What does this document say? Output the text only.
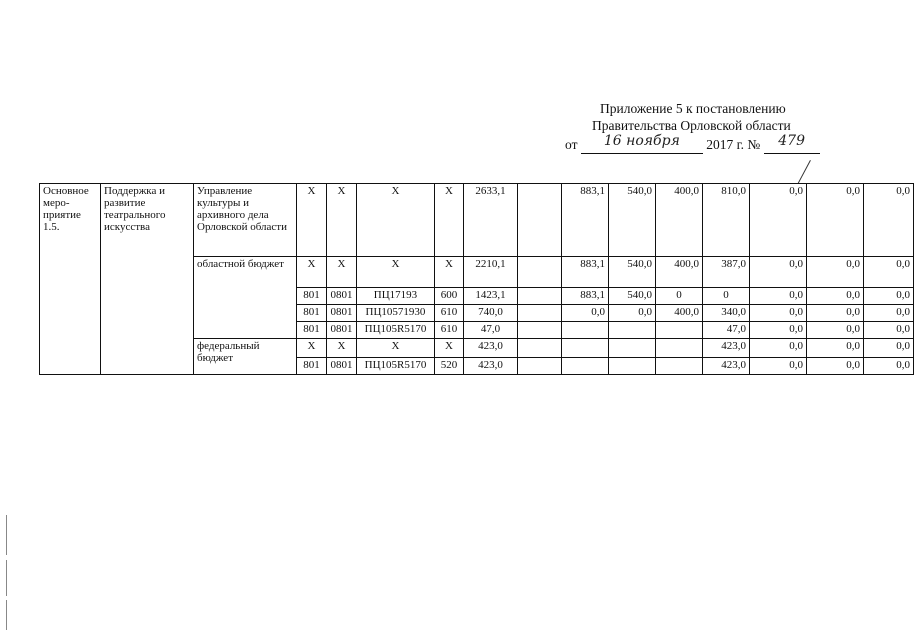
Приложение 5 к постановлению
Правительства Орловской области
от 16 ноября 2017 г. № 479
Основное меро-приятие 1.5.	Поддержка и развитие театрального искусства	Управление культуры и архивного дела Орловской области	X	X	X	X	2633,1		883,1	540,0	400,0	810,0	0,0	0,0	0,0
		областной бюджет	X	X	X	X	2210,1		883,1	540,0	400,0	387,0	0,0	0,0	0,0
			801	0801	ПЦ17193	600	1423,1		883,1	540,0	0	0	0,0	0,0	0,0
			801	0801	ПЦ10571930	610	740,0		0,0	0,0	400,0	340,0	0,0	0,0	0,0
			801	0801	ПЦ105R5170	610	47,0					47,0	0,0	0,0	0,0
		федеральный бюджет	X	X	X	X	423,0					423,0	0,0	0,0	0,0
			801	0801	ПЦ105R5170	520	423,0					423,0	0,0	0,0	0,0
